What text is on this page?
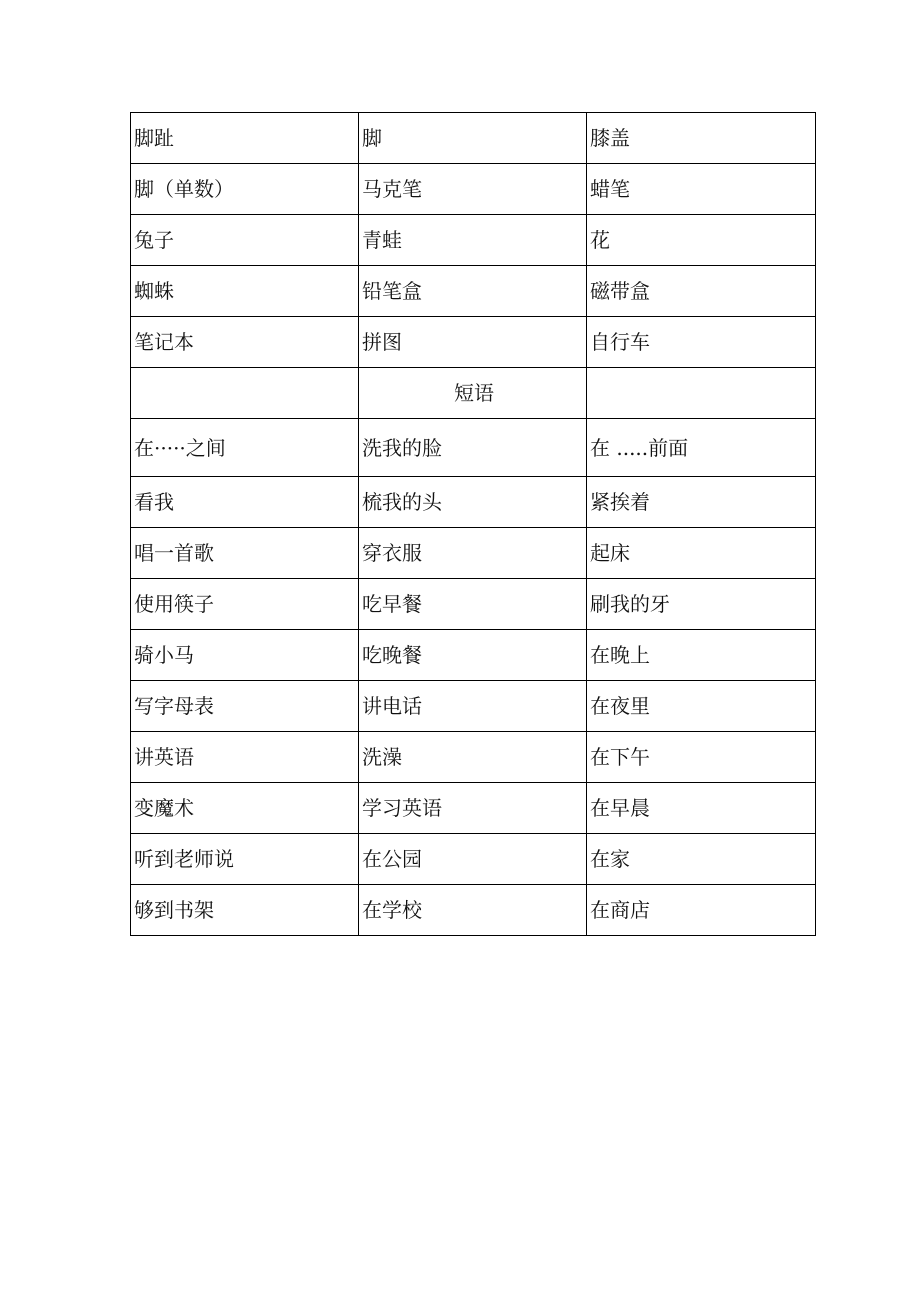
脚趾	脚	膝盖
脚（单数）	马克笔	蜡笔
兔子	青蛙	花
蜘蛛	铅笔盒	磁带盒
笔记本	拼图	自行车
	短语	
在·····之间	洗我的脸	在 .....前面
看我	梳我的头	紧挨着
唱一首歌	穿衣服	起床
使用筷子	吃早餐	刷我的牙
骑小马	吃晚餐	在晚上
写字母表	讲电话	在夜里
讲英语	洗澡	在下午
变魔术	学习英语	在早晨
听到老师说	在公园	在家
够到书架	在学校	在商店
